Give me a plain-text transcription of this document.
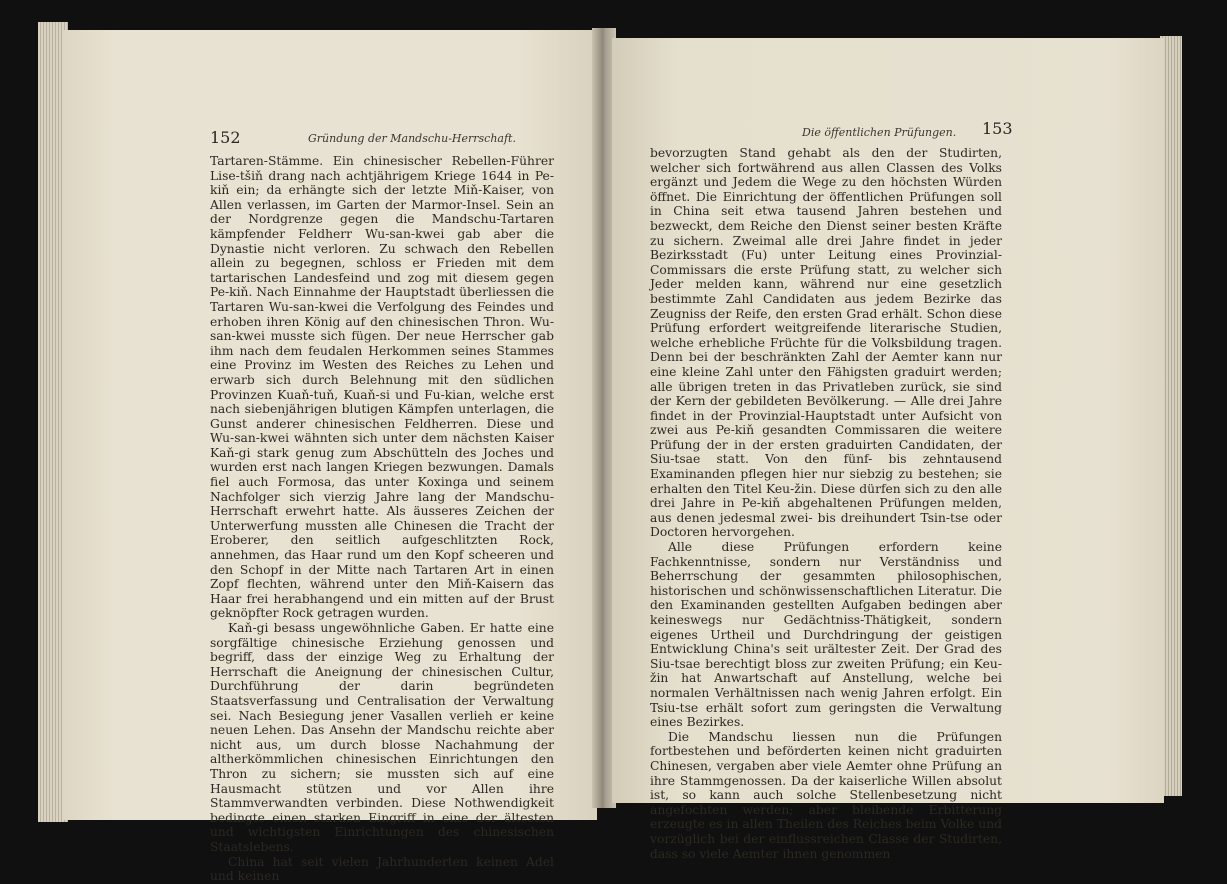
152	Gründung der Mandschu-Herrschaft.

Tartaren-Stämme. Ein chinesischer Rebellen-Führer Lise-tšiň drang nach achtjährigem Kriege 1644 in Pe-kiň ein; da erhängte sich der letzte Miň-Kaiser, von Allen verlassen, im Garten der Marmor-Insel. Sein an der Nordgrenze gegen die Mandschu-Tartaren kämpfender Feldherr Wu-san-kwei gab aber die Dynastie nicht verloren. Zu schwach den Rebellen allein zu begegnen, schloss er Frieden mit dem tartarischen Landesfeind und zog mit diesem gegen Pe-kiň. Nach Einnahme der Hauptstadt überliessen die Tartaren Wu-san-kwei die Verfolgung des Feindes und erhoben ihren König auf den chinesischen Thron. Wu-san-kwei musste sich fügen. Der neue Herrscher gab ihm nach dem feudalen Herkommen seines Stammes eine Provinz im Westen des Reiches zu Lehen und erwarb sich durch Belehnung mit den südlichen Provinzen Kuaň-tuň, Kuaň-si und Fu-kian, welche erst nach siebenjährigen blutigen Kämpfen unterlagen, die Gunst anderer chinesischen Feldherren. Diese und Wu-san-kwei wähnten sich unter dem nächsten Kaiser Kaň-gi stark genug zum Abschütteln des Joches und wurden erst nach langen Kriegen bezwungen. Damals fiel auch Formosa, das unter Koxinga und seinem Nachfolger sich vierzig Jahre lang der Mandschu-Herrschaft erwehrt hatte. Als äusseres Zeichen der Unterwerfung mussten alle Chinesen die Tracht der Eroberer, den seitlich aufgeschlitzten Rock, annehmen, das Haar rund um den Kopf scheeren und den Schopf in der Mitte nach Tartaren Art in einen Zopf flechten, während unter den Miň-Kaisern das Haar frei herabhangend und ein mitten auf der Brust geknöpfter Rock getragen wurden.

Kaň-gi besass ungewöhnliche Gaben. Er hatte eine sorgfältige chinesische Erziehung genossen und begriff, dass der einzige Weg zu Erhaltung der Herrschaft die Aneignung der chinesischen Cultur, Durchführung der darin begründeten Staatsverfassung und Centralisation der Verwaltung sei. Nach Besiegung jener Vasallen verlieh er keine neuen Lehen. Das Ansehn der Mandschu reichte aber nicht aus, um durch blosse Nachahmung der altherkömmlichen chinesischen Einrichtungen den Thron zu sichern; sie mussten sich auf eine Hausmacht stützen und vor Allen ihre Stammverwandten verbinden. Diese Nothwendigkeit bedingte einen starken Eingriff in eine der ältesten und wichtigsten Einrichtungen des chinesischen Staatslebens.

China hat seit vielen Jahrhunderten keinen Adel und keinen

Die öffentlichen Prüfungen. 153

bevorzugten Stand gehabt als den der Studirten, welcher sich fortwährend aus allen Classen des Volks ergänzt und Jedem die Wege zu den höchsten Würden öffnet. Die Einrichtung der öffentlichen Prüfungen soll in China seit etwa tausend Jahren bestehen und bezweckt, dem Reiche den Dienst seiner besten Kräfte zu sichern. Zweimal alle drei Jahre findet in jeder Bezirksstadt (Fu) unter Leitung eines Provinzial-Commissars die erste Prüfung statt, zu welcher sich Jeder melden kann, während nur eine gesetzlich bestimmte Zahl Candidaten aus jedem Bezirke das Zeugniss der Reife, den ersten Grad erhält. Schon diese Prüfung erfordert weitgreifende literarische Studien, welche erhebliche Früchte für die Volksbildung tragen. Denn bei der beschränkten Zahl der Aemter kann nur eine kleine Zahl unter den Fähigsten graduirt werden; alle übrigen treten in das Privatleben zurück, sie sind der Kern der gebildeten Bevölkerung. — Alle drei Jahre findet in der Provinzial-Hauptstadt unter Aufsicht von zwei aus Pe-kiň gesandten Commissaren die weitere Prüfung der in der ersten graduirten Candidaten, der Siu-tsae statt. Von den fünf- bis zehntausend Examinanden pflegen hier nur siebzig zu bestehen; sie erhalten den Titel Keu-žin. Diese dürfen sich zu den alle drei Jahre in Pe-kiň abgehaltenen Prüfungen melden, aus denen jedesmal zwei- bis dreihundert Tsin-tse oder Doctoren hervorgehen.

Alle diese Prüfungen erfordern keine Fachkenntnisse, sondern nur Verständniss und Beherrschung der gesammten philosophischen, historischen und schönwissenschaftlichen Literatur. Die den Examinanden gestellten Aufgaben bedingen aber keineswegs nur Gedächtniss-Thätigkeit, sondern eigenes Urtheil und Durchdringung der geistigen Entwicklung China's seit urältester Zeit. Der Grad des Siu-tsae berechtigt bloss zur zweiten Prüfung; ein Keu-žin hat Anwartschaft auf Anstellung, welche bei normalen Verhältnissen nach wenig Jahren erfolgt. Ein Tsiu-tse erhält sofort zum geringsten die Verwaltung eines Bezirkes.

Die Mandschu liessen nun die Prüfungen fortbestehen und beförderten keinen nicht graduirten Chinesen, vergaben aber viele Aemter ohne Prüfung an ihre Stammgenossen. Da der kaiserliche Willen absolut ist, so kann auch solche Stellenbesetzung nicht angefochten werden; aber bleibende Erbitterung erzeugte es in allen Theilen des Reiches beim Volke und vorzüglich bei der einflussreichen Classe der Studirten, dass so viele Aemter ihnen genommen
